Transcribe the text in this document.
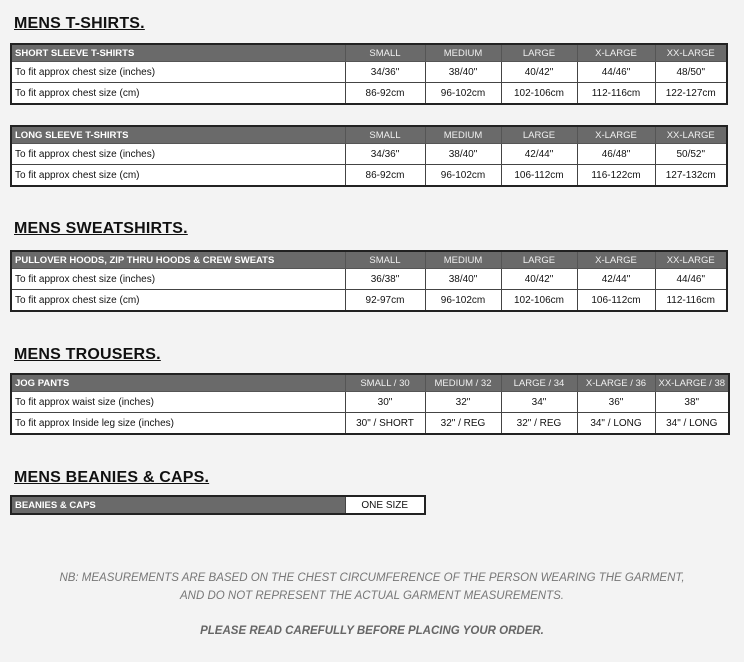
MENS T-SHIRTS.
SHORT SLEEVE T-SHIRTS	SMALL	MEDIUM	LARGE	X-LARGE	XX-LARGE
To fit approx chest size (inches)	34/36"	38/40"	40/42"	44/46"	48/50"
To fit approx chest size (cm)	86-92cm	96-102cm	102-106cm	112-116cm	122-127cm
LONG SLEEVE T-SHIRTS	SMALL	MEDIUM	LARGE	X-LARGE	XX-LARGE
To fit approx chest size (inches)	34/36"	38/40"	42/44"	46/48"	50/52"
To fit approx chest size (cm)	86-92cm	96-102cm	106-112cm	116-122cm	127-132cm
MENS SWEATSHIRTS.
PULLOVER HOODS, ZIP THRU HOODS & CREW SWEATS	SMALL	MEDIUM	LARGE	X-LARGE	XX-LARGE
To fit approx chest size (inches)	36/38"	38/40"	40/42"	42/44"	44/46"
To fit approx chest size (cm)	92-97cm	96-102cm	102-106cm	106-112cm	112-116cm
MENS TROUSERS.
JOG PANTS	SMALL / 30	MEDIUM / 32	LARGE / 34	X-LARGE / 36	XX-LARGE / 38
To fit approx waist size (inches)	30"	32"	34"	36"	38"
To fit approx Inside leg size (inches)	30" / SHORT	32" / REG	32" / REG	34" / LONG	34" / LONG
MENS BEANIES & CAPS.
BEANIES & CAPS	ONE SIZE
NB: MEASUREMENTS ARE BASED ON THE CHEST CIRCUMFERENCE OF THE PERSON WEARING THE GARMENT,
AND DO NOT REPRESENT THE ACTUAL GARMENT MEASUREMENTS.
PLEASE READ CAREFULLY BEFORE PLACING YOUR ORDER.
